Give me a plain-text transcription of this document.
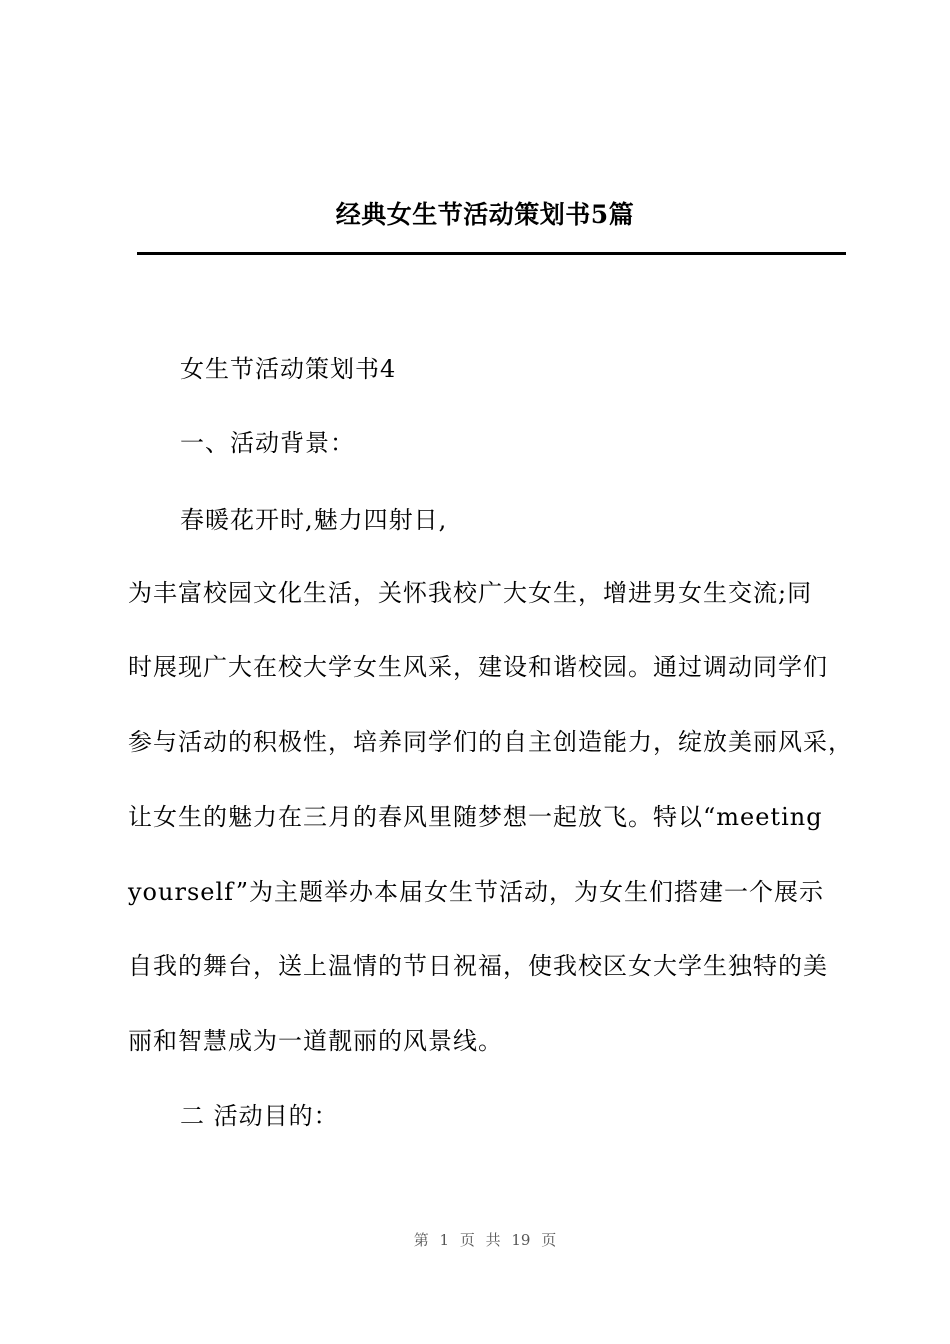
经典女生节活动策划书5篇
女生节活动策划书4
一、活动背景：
春暖花开时,魅力四射日,
为丰富校园文化生活，关怀我校广大女生，增进男女生交流;同
时展现广大在校大学女生风采，建设和谐校园。通过调动同学们
参与活动的积极性，培养同学们的自主创造能力，绽放美丽风采，
让女生的魅力在三月的春风里随梦想一起放飞。特以“meeting
yourself”为主题举办本届女生节活动，为女生们搭建一个展示
自我的舞台，送上温情的节日祝福，使我校区女大学生独特的美
丽和智慧成为一道靓丽的风景线。
二 活动目的：
第 1 页 共 19 页
